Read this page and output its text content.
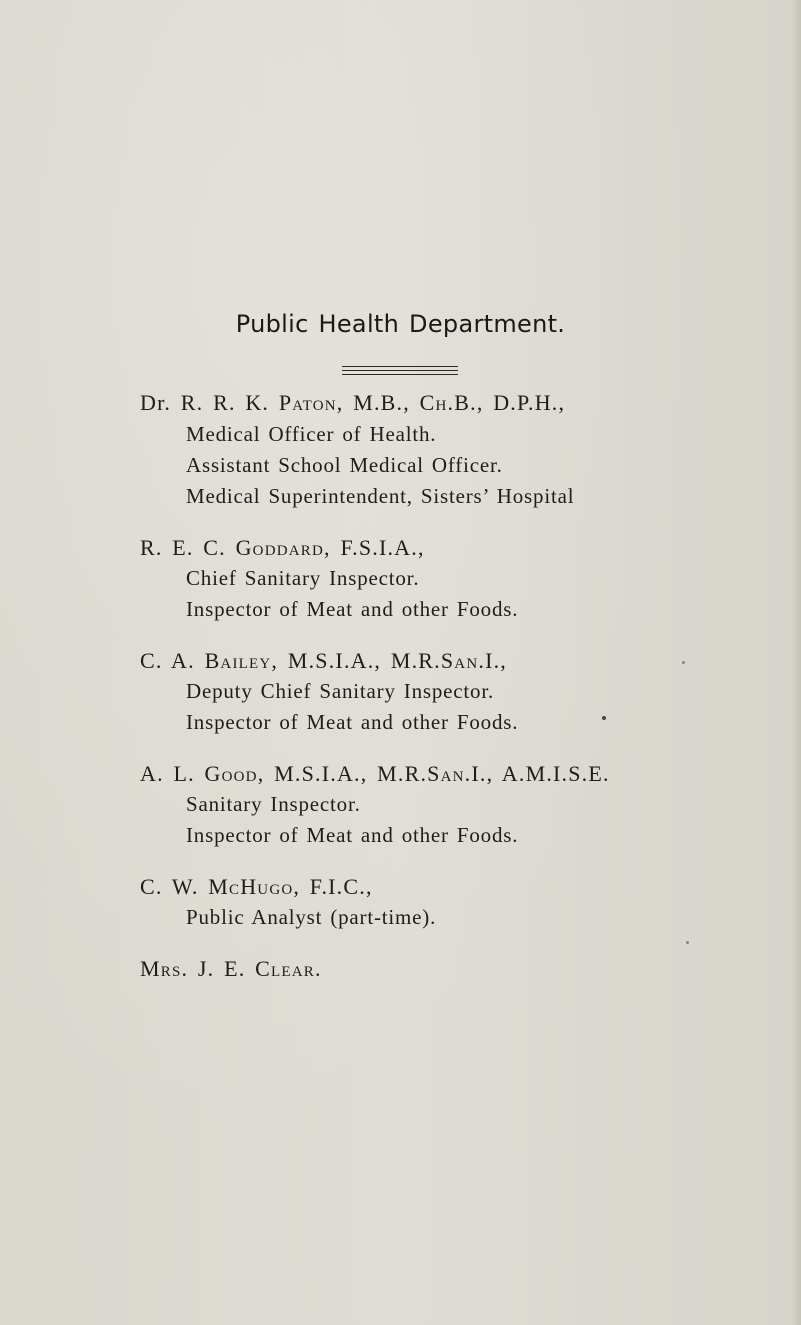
Public Health Department.
Dr. R. R. K. Paton, M.B., Ch.B., D.P.H.,
Medical Officer of Health.
Assistant School Medical Officer.
Medical Superintendent, Sisters’ Hospital
R. E. C. Goddard, F.S.I.A.,
Chief Sanitary Inspector.
Inspector of Meat and other Foods.
C. A. Bailey, M.S.I.A., M.R.San.I.,
Deputy Chief Sanitary Inspector.
Inspector of Meat and other Foods.
A. L. Good, M.S.I.A., M.R.San.I., A.M.I.S.E.
Sanitary Inspector.
Inspector of Meat and other Foods.
C. W. McHugo, F.I.C.,
Public Analyst (part-time).
Mrs. J. E. Clear.
